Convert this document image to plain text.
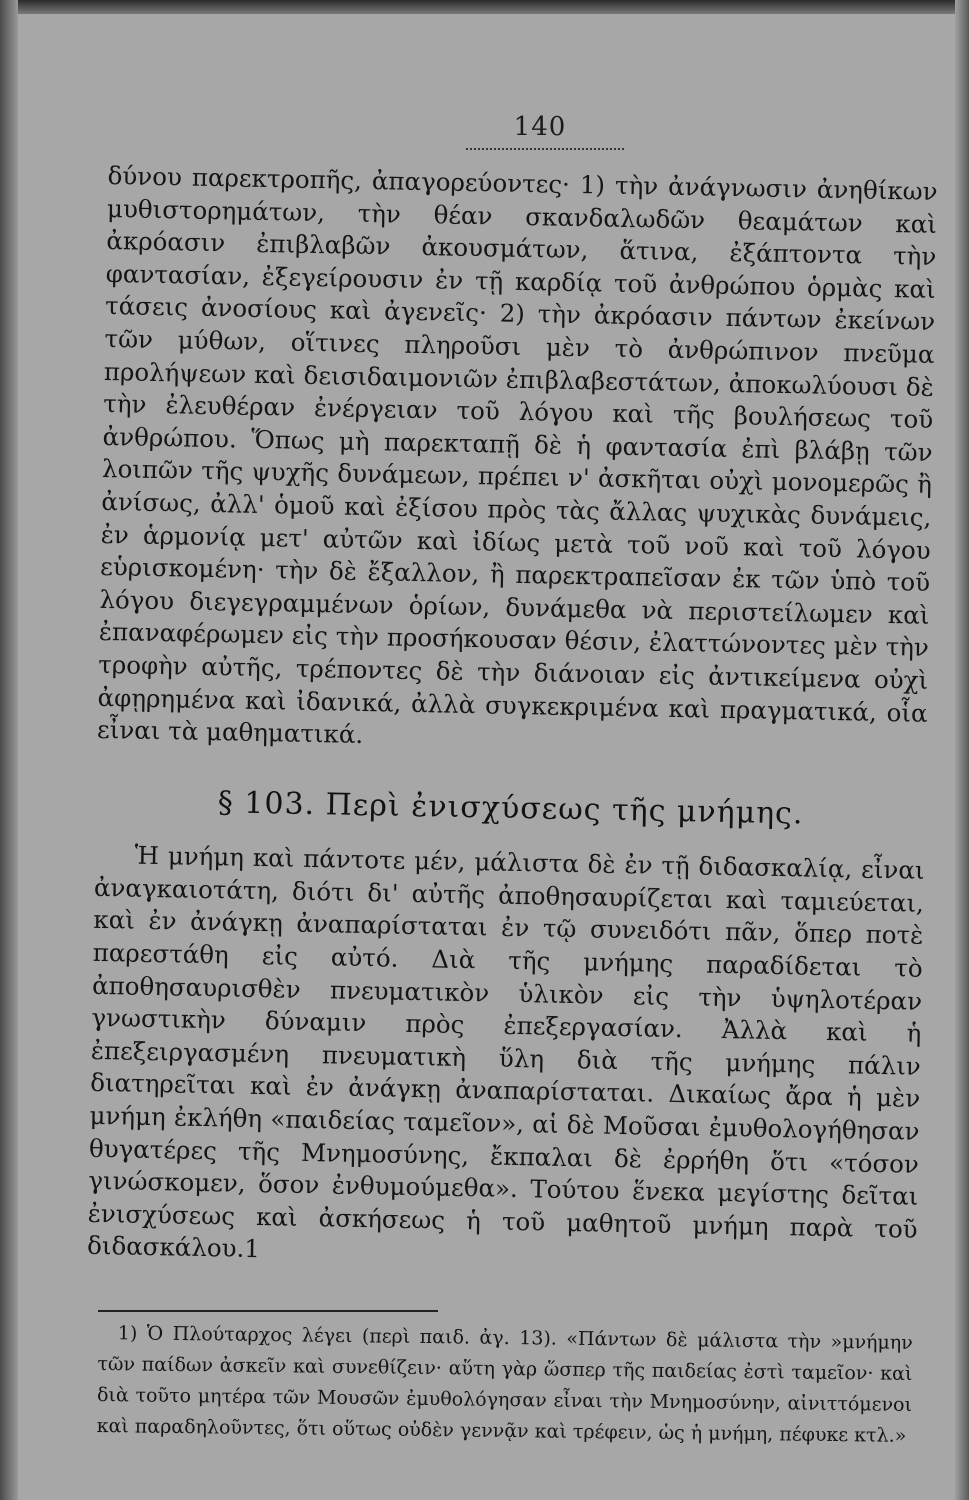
140

δύνου παρεκτροπῆς, ἀπαγορεύοντες· 1) τὴν ἀνάγνωσιν ἀνηθίκων μυθιστορημάτων, τὴν θέαν σκανδαλωδῶν θεαμάτων καὶ ἀκρόασιν ἐπιβλαβῶν ἀκουσμάτων, ἅτινα, ἐξάπτοντα τὴν φαντασίαν, ἐξεγείρουσιν ἐν τῇ καρδίᾳ τοῦ ἀνθρώπου ὁρμὰς καὶ τάσεις ἀνοσίους καὶ ἀγενεῖς· 2) τὴν ἀκρόασιν πάντων ἐκείνων τῶν μύθων, οἵτινες πληροῦσι μὲν τὸ ἀνθρώπινον πνεῦμα προλήψεων καὶ δεισιδαιμονιῶν ἐπιβλαβεστάτων, ἀποκωλύουσι δὲ τὴν ἐλευθέραν ἐνέργειαν τοῦ λόγου καὶ τῆς βουλήσεως τοῦ ἀνθρώπου. Ὅπως μὴ παρεκταπῇ δὲ ἡ φαντασία ἐπὶ βλάβῃ τῶν λοιπῶν τῆς ψυχῆς δυνάμεων, πρέπει ν' ἀσκῆται οὐχὶ μονομερῶς ἢ ἀνίσως, ἀλλ' ὁμοῦ καὶ ἐξίσου πρὸς τὰς ἄλλας ψυχικὰς δυνάμεις, ἐν ἁρμονίᾳ μετ' αὐτῶν καὶ ἰδίως μετὰ τοῦ νοῦ καὶ τοῦ λόγου εὑρισκομένη· τὴν δὲ ἔξαλλον, ἢ παρεκτραπεῖσαν ἐκ τῶν ὑπὸ τοῦ λόγου διεγεγραμμένων ὁρίων, δυνάμεθα νὰ περιστείλωμεν καὶ ἐπαναφέρωμεν εἰς τὴν προσήκουσαν θέσιν, ἐλαττώνοντες μὲν τὴν τροφὴν αὐτῆς, τρέποντες δὲ τὴν διάνοιαν εἰς ἀντικείμενα οὐχὶ ἀφῃρημένα καὶ ἰδανικά, ἀλλὰ συγκεκριμένα καὶ πραγματικά, οἷα εἶναι τὰ μαθηματικά.

§ 103. Περὶ ἐνισχύσεως τῆς μνήμης.

Ἡ μνήμη καὶ πάντοτε μέν, μάλιστα δὲ ἐν τῇ διδασκαλίᾳ, εἶναι ἀναγκαιοτάτη, διότι δι' αὐτῆς ἀποθησαυρίζεται καὶ ταμιεύεται, καὶ ἐν ἀνάγκῃ ἀναπαρίσταται ἐν τῷ συνειδότι πᾶν, ὅπερ ποτὲ παρεστάθη εἰς αὐτό. Διὰ τῆς μνήμης παραδίδεται τὸ ἀποθησαυρισθὲν πνευματικὸν ὑλικὸν εἰς τὴν ὑψηλοτέραν γνωστικὴν δύναμιν πρὸς ἐπεξεργασίαν. Ἀλλὰ καὶ ἡ ἐπεξειργασμένη πνευματικὴ ὕλη διὰ τῆς μνήμης πάλιν διατηρεῖται καὶ ἐν ἀνάγκῃ ἀναπαρίσταται. Δικαίως ἄρα ἡ μὲν μνήμη ἐκλήθη «παιδείας ταμεῖον», αἱ δὲ Μοῦσαι ἐμυθολογήθησαν θυγατέρες τῆς Μνημοσύνης, ἔκπαλαι δὲ ἐρρήθη ὅτι «τόσον γινώσκομεν, ὅσον ἐνθυμούμεθα». Τούτου ἕνεκα μεγίστης δεῖται ἐνισχύσεως καὶ ἀσκήσεως ἡ τοῦ μαθητοῦ μνήμη παρὰ τοῦ διδασκάλου.1

1) Ὁ Πλούταρχος λέγει (περὶ παιδ. ἀγ. 13). «Πάντων δὲ μάλιστα τὴν »μνήμην τῶν παίδων ἀσκεῖν καὶ συνεθίζειν· αὕτη γὰρ ὥσπερ τῆς παιδείας ἐστὶ ταμεῖον· καὶ διὰ τοῦτο μητέρα τῶν Μουσῶν ἐμυθολόγησαν εἶναι τὴν Μνημοσύνην, αἰνιττόμενοι καὶ παραδηλοῦντες, ὅτι οὕτως οὐδὲν γεννᾷν καὶ τρέφειν, ὡς ἡ μνήμη, πέφυκε κτλ.»
